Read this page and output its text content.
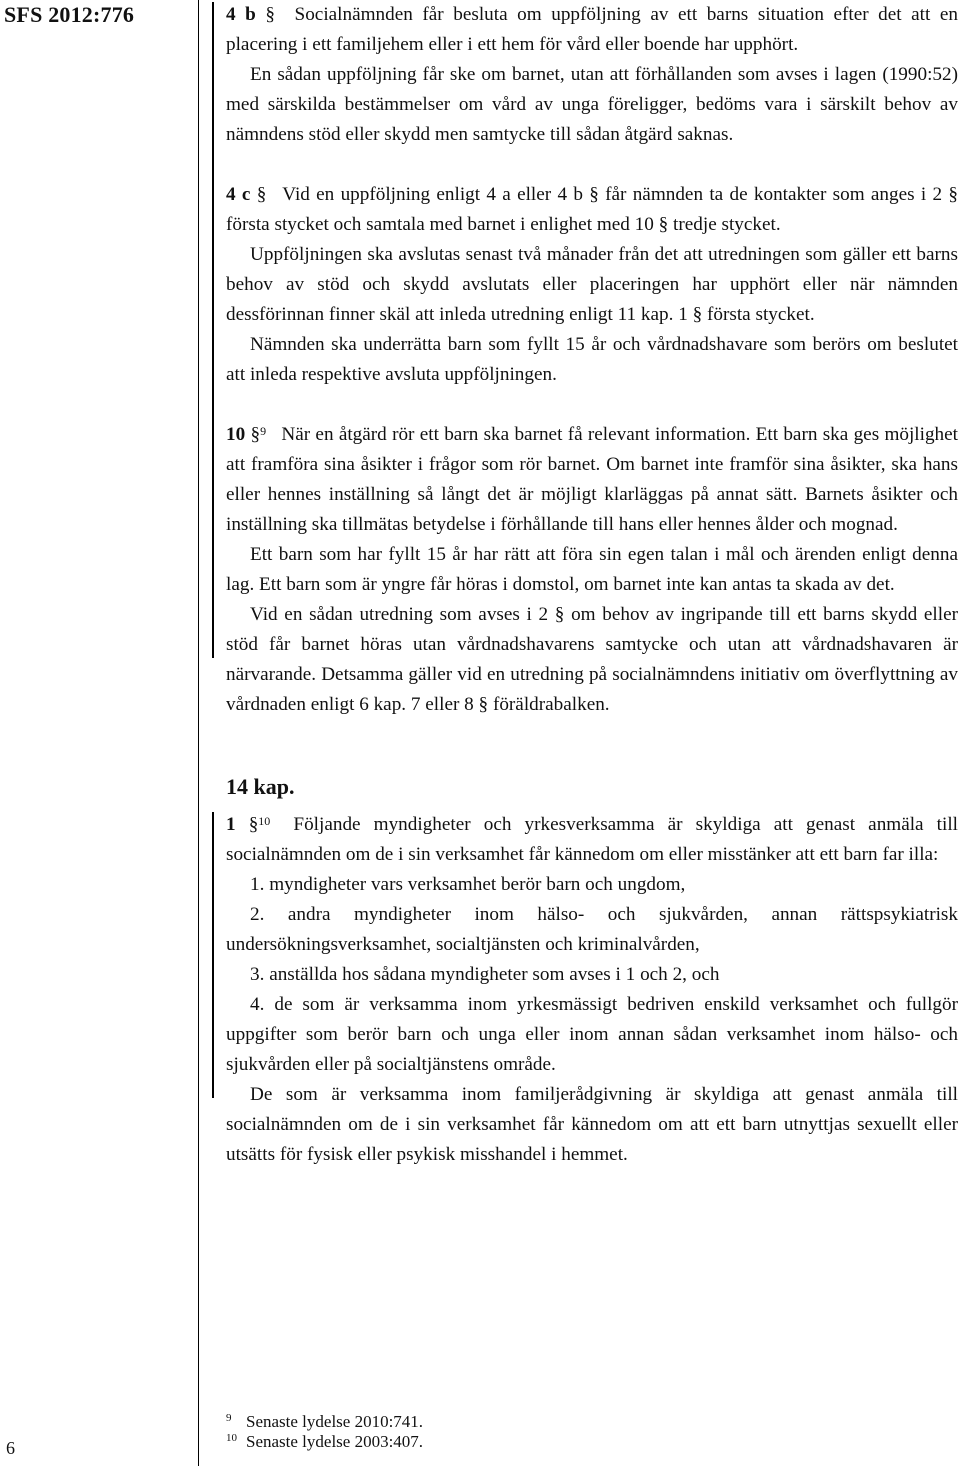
SFS 2012:776
6

4 b § Socialnämnden får besluta om uppföljning av ett barns situation efter det att en placering i ett familjehem eller i ett hem för vård eller boende har upphört.

En sådan uppföljning får ske om barnet, utan att förhållanden som avses i lagen (1990:52) med särskilda bestämmelser om vård av unga föreligger, bedöms vara i särskilt behov av nämndens stöd eller skydd men samtycke till sådan åtgärd saknas.

4 c § Vid en uppföljning enligt 4 a eller 4 b § får nämnden ta de kontakter som anges i 2 § första stycket och samtala med barnet i enlighet med 10 § tredje stycket.

Uppföljningen ska avslutas senast två månader från det att utredningen som gäller ett barns behov av stöd och skydd avslutats eller placeringen har upphört eller när nämnden dessförinnan finner skäl att inleda utredning enligt 11 kap. 1 § första stycket.

Nämnden ska underrätta barn som fyllt 15 år och vårdnadshavare som berörs om beslutet att inleda respektive avsluta uppföljningen.

10 §$^9$ När en åtgärd rör ett barn ska barnet få relevant information. Ett barn ska ges möjlighet att framföra sina åsikter i frågor som rör barnet. Om barnet inte framför sina åsikter, ska hans eller hennes inställning så långt det är möjligt klarläggas på annat sätt. Barnets åsikter och inställning ska tillmätas betydelse i förhållande till hans eller hennes ålder och mognad.

Ett barn som har fyllt 15 år har rätt att föra sin egen talan i mål och ärenden enligt denna lag. Ett barn som är yngre får höras i domstol, om barnet inte kan antas ta skada av det.

Vid en sådan utredning som avses i 2 § om behov av ingripande till ett barns skydd eller stöd får barnet höras utan vårdnadshavarens samtycke och utan att vårdnadshavaren är närvarande. Detsamma gäller vid en utredning på socialnämndens initiativ om överflyttning av vårdnaden enligt 6 kap. 7 eller 8 § föräldrabalken.

14 kap.

1 §$^{10}$ Följande myndigheter och yrkesverksamma är skyldiga att genast anmäla till socialnämnden om de i sin verksamhet får kännedom om eller misstänker att ett barn far illa:

1. myndigheter vars verksamhet berör barn och ungdom,

2. andra myndigheter inom hälso- och sjukvården, annan rättspsykiatrisk undersökningsverksamhet, socialtjänsten och kriminalvården,

3. anställda hos sådana myndigheter som avses i 1 och 2, och

4. de som är verksamma inom yrkesmässigt bedriven enskild verksamhet och fullgör uppgifter som berör barn och unga eller inom annan sådan verksamhet inom hälso- och sjukvården eller på socialtjänstens område.

De som är verksamma inom familjerådgivning är skyldiga att genast anmäla till socialnämnden om de i sin verksamhet får kännedom om att ett barn utnyttjas sexuellt eller utsätts för fysisk eller psykisk misshandel i hemmet.

9 Senaste lydelse 2010:741.
10 Senaste lydelse 2003:407.
